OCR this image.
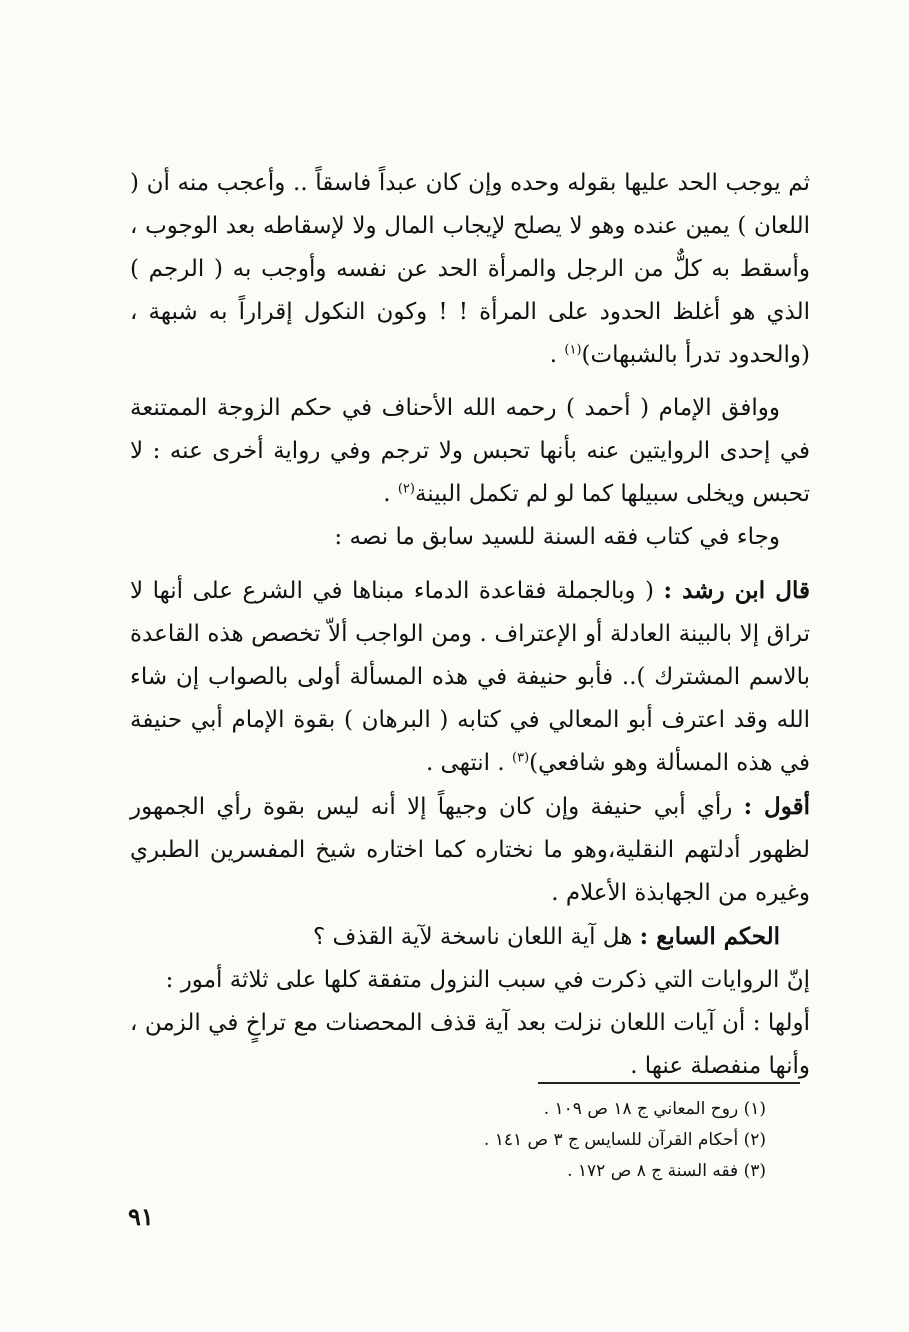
ثم يوجب الحد عليها بقوله وحده وإن كان عبداً فاسقاً .. وأعجب منه أن ( اللعان ) يمين عنده وهو لا يصلح لإيجاب المال ولا لإسقاطه بعد الوجوب ، وأسقط به كلٌّ من الرجل والمرأة الحد عن نفسه وأوجب به ( الرجم ) الذي هو أغلظ الحدود على المرأة ! ! وكون النكول إقراراً به شبهة ، (والحدود تدرأ بالشبهات)$^{(١)}$ .

ووافق الإمام ( أحمد ) رحمه الله الأحناف في حكم الزوجة الممتنعة في إحدى الروايتين عنه بأنها تحبس ولا ترجم وفي رواية أخرى عنه : لا تحبس ويخلى سبيلها كما لو لم تكمل البينة$^{(٢)}$ .

وجاء في كتاب فقه السنة للسيد سابق ما نصه :

قال ابن رشد : ( وبالجملة فقاعدة الدماء مبناها في الشرع على أنها لا تراق إلا بالبينة العادلة أو الإعتراف . ومن الواجب ألاّ تخصص هذه القاعدة بالاسم المشترك ).. فأبو حنيفة في هذه المسألة أولى بالصواب إن شاء الله وقد اعترف أبو المعالي في كتابه ( البرهان ) بقوة الإمام أبي حنيفة في هذه المسألة وهو شافعي)$^{(٣)}$ . انتهى .

أقول : رأي أبي حنيفة وإن كان وجيهاً إلا أنه ليس بقوة رأي الجمهور لظهور أدلتهم النقلية،وهو ما نختاره كما اختاره شيخ المفسرين الطبري وغيره من الجهابذة الأعلام .

الحكم السابع : هل آية اللعان ناسخة لآية القذف ؟

إنّ الروايات التي ذكرت في سبب النزول متفقة كلها على ثلاثة أمور :

أولها : أن آيات اللعان نزلت بعد آية قذف المحصنات مع تراخٍ في الزمن ، وأنها منفصلة عنها .

(١) روح المعاني ج ١٨ ص ١٠٩ .

(٢) أحكام القرآن للسايس ج ٣ ص ١٤١ .

(٣) فقه السنة ج ٨ ص ١٧٢ .

٩١
